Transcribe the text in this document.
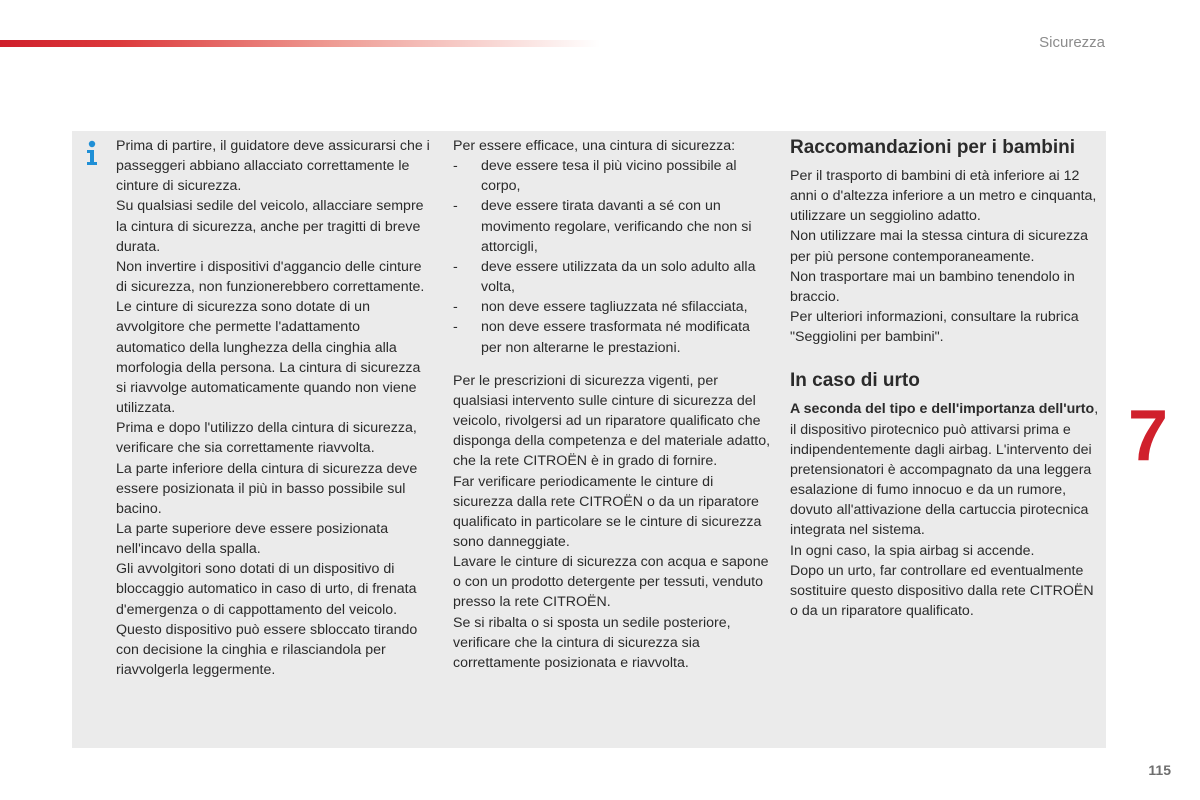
Sicurezza

Prima di partire, il guidatore deve assicurarsi che i passeggeri abbiano allacciato correttamente le cinture di sicurezza.

Su qualsiasi sedile del veicolo, allacciare sempre la cintura di sicurezza, anche per tragitti di breve durata.

Non invertire i dispositivi d'aggancio delle cinture di sicurezza, non funzionerebbero correttamente.

Le cinture di sicurezza sono dotate di un avvolgitore che permette l'adattamento automatico della lunghezza della cinghia alla morfologia della persona. La cintura di sicurezza si riavvolge automaticamente quando non viene utilizzata.

Prima e dopo l'utilizzo della cintura di sicurezza, verificare che sia correttamente riavvolta.

La parte inferiore della cintura di sicurezza deve essere posizionata il più in basso possibile sul bacino.

La parte superiore deve essere posizionata nell'incavo della spalla.

Gli avvolgitori sono dotati di un dispositivo di bloccaggio automatico in caso di urto, di frenata d'emergenza o di cappottamento del veicolo. Questo dispositivo può essere sbloccato tirando con decisione la cinghia e rilasciandola per riavvolgerla leggermente.

Per essere efficace, una cintura di sicurezza:

- deve essere tesa il più vicino possibile al corpo,
- deve essere tirata davanti a sé con un movimento regolare, verificando che non si attorcigli,
- deve essere utilizzata da un solo adulto alla volta,
- non deve essere tagliuzzata né sfilacciata,
- non deve essere trasformata né modificata per non alterarne le prestazioni.

Per le prescrizioni di sicurezza vigenti, per qualsiasi intervento sulle cinture di sicurezza del veicolo, rivolgersi ad un riparatore qualificato che disponga della competenza e del materiale adatto, che la rete CITROËN è in grado di fornire.

Far verificare periodicamente le cinture di sicurezza dalla rete CITROËN o da un riparatore qualificato in particolare se le cinture di sicurezza sono danneggiate.

Lavare le cinture di sicurezza con acqua e sapone o con un prodotto detergente per tessuti, venduto presso la rete CITROËN.

Se si ribalta o si sposta un sedile posteriore, verificare che la cintura di sicurezza sia correttamente posizionata e riavvolta.

Raccomandazioni per i bambini

Per il trasporto di bambini di età inferiore ai 12 anni o d'altezza inferiore a un metro e cinquanta, utilizzare un seggiolino adatto.

Non utilizzare mai la stessa cintura di sicurezza per più persone contemporaneamente.

Non trasportare mai un bambino tenendolo in braccio.

Per ulteriori informazioni, consultare la rubrica "Seggiolini per bambini".

In caso di urto

A seconda del tipo e dell'importanza dell'urto, il dispositivo pirotecnico può attivarsi prima e indipendentemente dagli airbag. L'intervento dei pretensionatori è accompagnato da una leggera esalazione di fumo innocuo e da un rumore, dovuto all'attivazione della cartuccia pirotecnica integrata nel sistema.

In ogni caso, la spia airbag si accende.

Dopo un urto, far controllare ed eventualmente sostituire questo dispositivo dalla rete CITROËN o da un riparatore qualificato.

7
115
